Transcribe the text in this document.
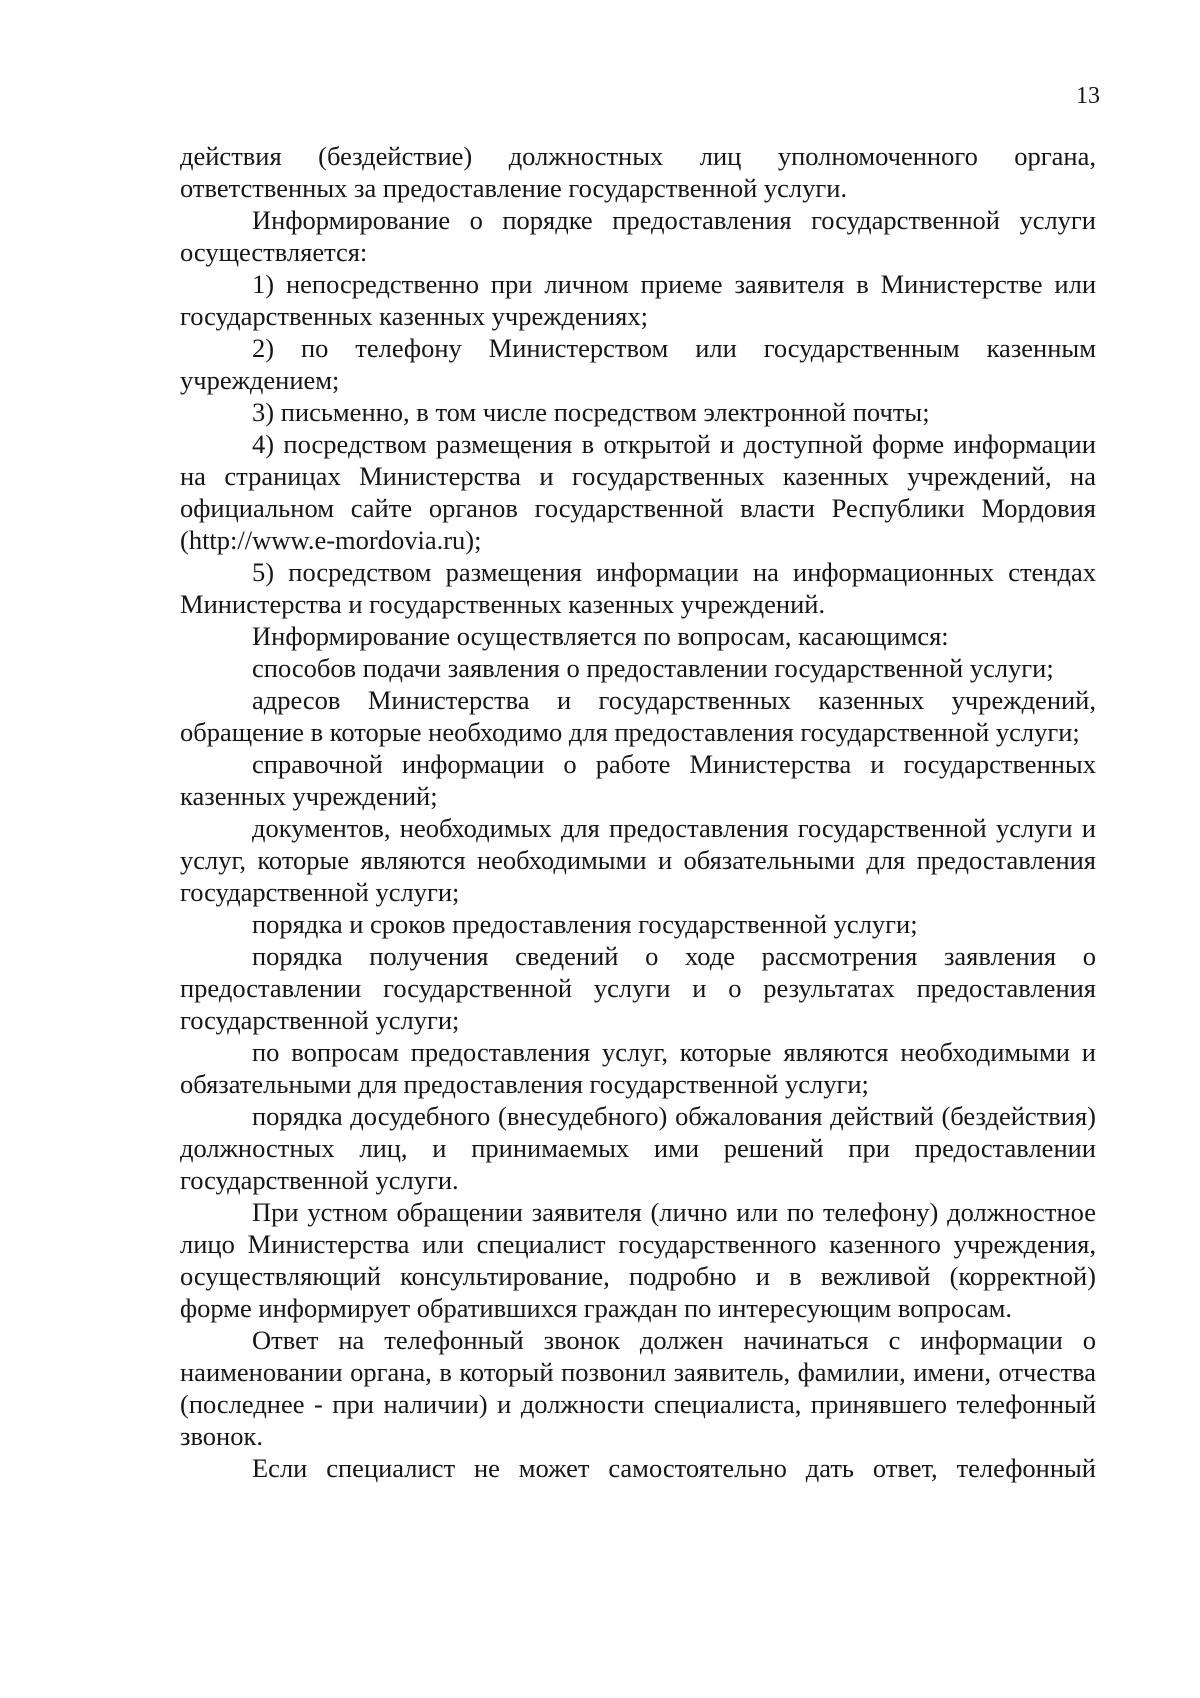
13

действия (бездействие) должностных лиц уполномоченного органа, ответственных за предоставление государственной услуги.

Информирование о порядке предоставления государственной услуги осуществляется:

1) непосредственно при личном приеме заявителя в Министерстве или государственных казенных учреждениях;

2) по телефону Министерством или государственным казенным учреждением;

3) письменно, в том числе посредством электронной почты;

4) посредством размещения в открытой и доступной форме информации на страницах Министерства и государственных казенных учреждений, на официальном сайте органов государственной власти Республики Мордовия (http://www.e-mordovia.ru);

5) посредством размещения информации на информационных стендах Министерства и государственных казенных учреждений.

Информирование осуществляется по вопросам, касающимся:

способов подачи заявления о предоставлении государственной услуги;

адресов Министерства и государственных казенных учреждений, обращение в которые необходимо для предоставления государственной услуги;

справочной информации о работе Министерства и государственных казенных учреждений;

документов, необходимых для предоставления государственной услуги и услуг, которые являются необходимыми и обязательными для предоставления государственной услуги;

порядка и сроков предоставления государственной услуги;

порядка получения сведений о ходе рассмотрения заявления о предоставлении государственной услуги и о результатах предоставления государственной услуги;

по вопросам предоставления услуг, которые являются необходимыми и обязательными для предоставления государственной услуги;

порядка досудебного (внесудебного) обжалования действий (бездействия) должностных лиц, и принимаемых ими решений при предоставлении государственной услуги.

При устном обращении заявителя (лично или по телефону) должностное лицо Министерства или специалист государственного казенного учреждения, осуществляющий консультирование, подробно и в вежливой (корректной) форме информирует обратившихся граждан по интересующим вопросам.

Ответ на телефонный звонок должен начинаться с информации о наименовании органа, в который позвонил заявитель, фамилии, имени, отчества (последнее - при наличии) и должности специалиста, принявшего телефонный звонок.

Если специалист не может самостоятельно дать ответ, телефонный
